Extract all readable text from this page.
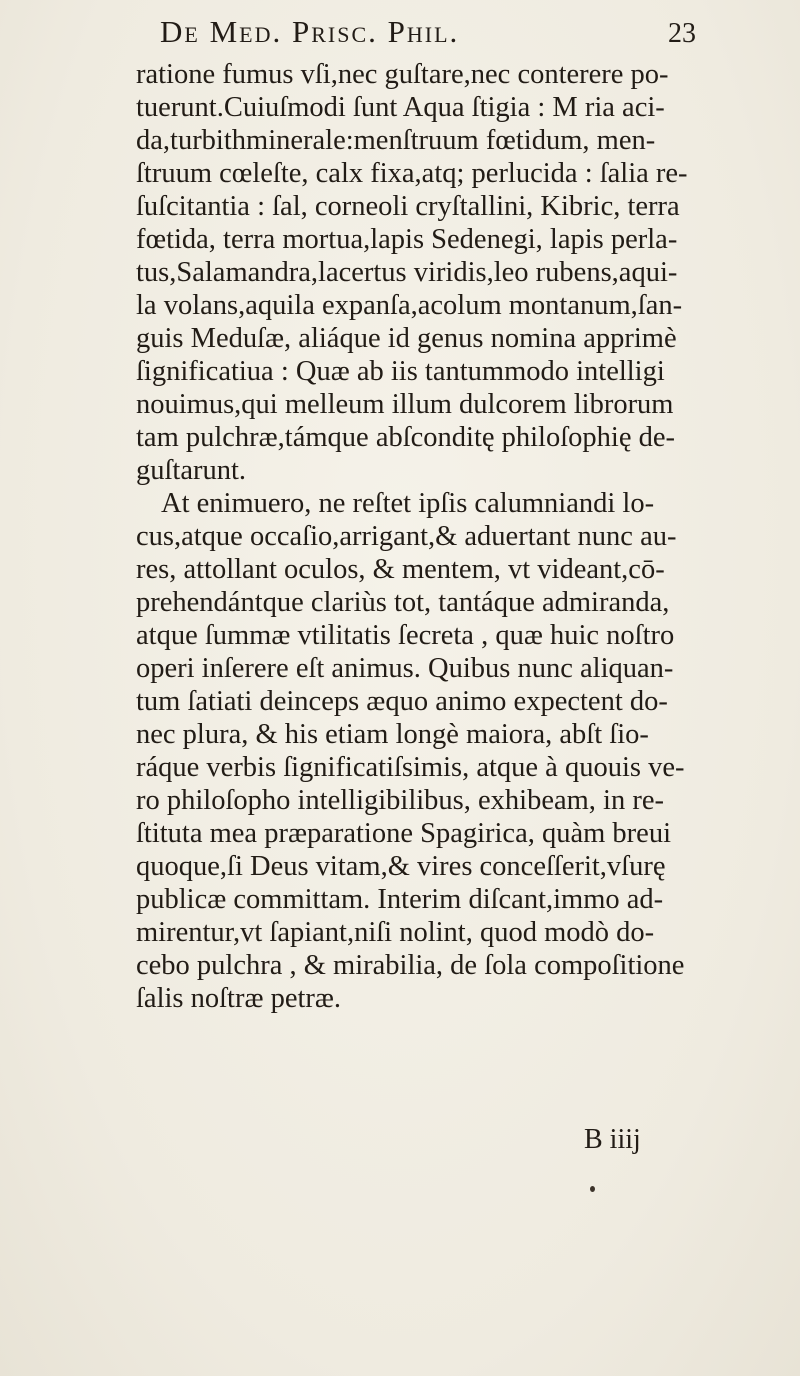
De Med. Prisc. Phil.	23
ratione fumus vſi,nec guſtare,nec conterere po-
tuerunt.Cuiuſmodi ſunt Aqua ſtigia : M ria aci-
da,turbithminerale:menſtruum fœtidum, men-
ſtruum cœleſte, calx fixa,atq; perlucida : ſalia re-
ſuſcitantia : ſal, corneoli cryſtallini, Kibric, terra
fœtida, terra mortua,lapis Sedenegi, lapis perla-
tus,Salamandra,lacertus viridis,leo rubens,aqui-
la volans,aquila expanſa,acolum montanum,ſan-
guis Meduſæ, aliáque id genus nomina apprimè
ſignificatiua : Quæ ab iis tantummodo intelligi
nouimus,qui melleum illum dulcorem librorum
tam pulchræ,támque abſconditę philoſophię de-
guſtarunt.
At enimuero, ne reſtet ipſis calumniandi lo-
cus,atque occaſio,arrigant,& aduertant nunc au-
res, attollant oculos, & mentem, vt videant,cō-
prehendántque clariùs tot, tantáque admiranda,
atque ſummæ vtilitatis ſecreta , quæ huic noſtro
operi inſerere eſt animus. Quibus nunc aliquan-
tum ſatiati deinceps æquo animo expectent do-
nec plura, & his etiam longè maiora, abſt ſio-
ráque verbis ſignificatiſsimis, atque à quouis ve-
ro philoſopho intelligibilibus, exhibeam, in re-
ſtituta mea præparatione Spagirica, quàm breui
quoque,ſi Deus vitam,& vires conceſſerit,vſurę
publicæ committam. Interim diſcant,immo ad-
mirentur,vt ſapiant,niſi nolint, quod modò do-
cebo pulchra , & mirabilia, de ſola compoſitione
ſalis noſtræ petræ.
B iiij
